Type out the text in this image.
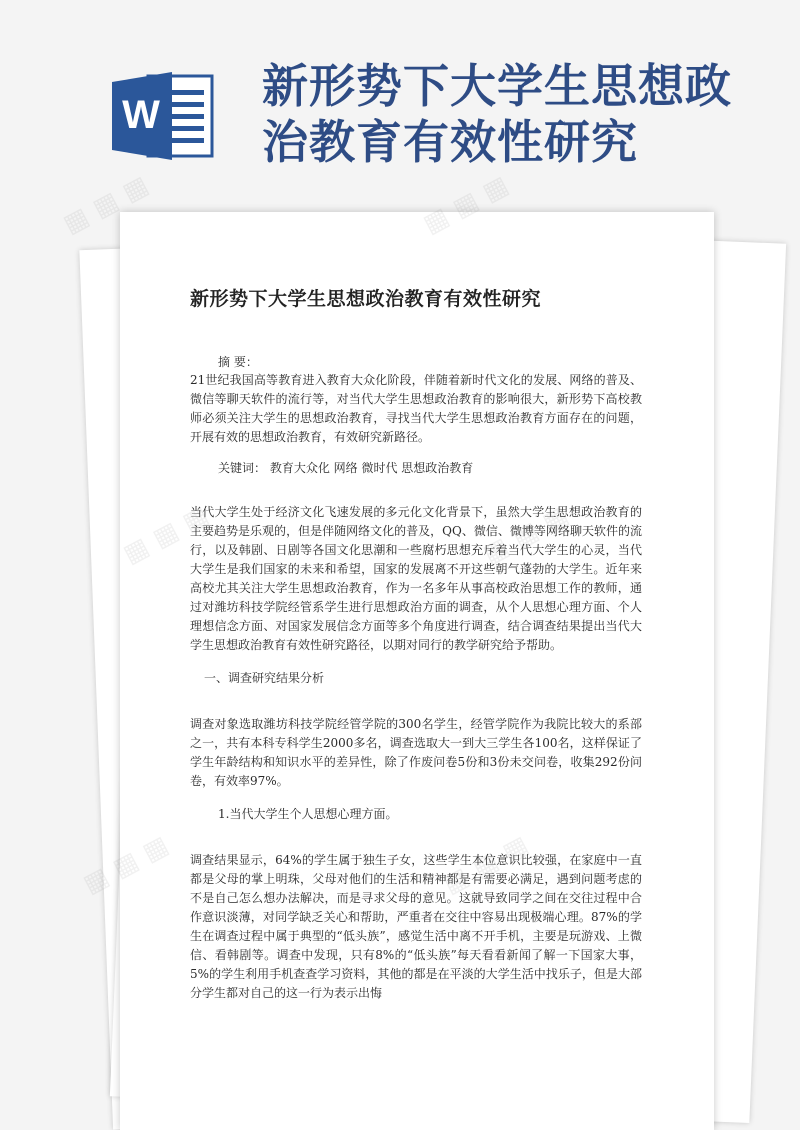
W
新形势下大学生思想政
治教育有效性研究
新形势下大学生思想政治教育有效性研究
摘 要：

21世纪我国高等教育进入教育大众化阶段，伴随着新时代文化的发展、网络的普及、微信等聊天软件的流行等，对当代大学生思想政治教育的影响很大，新形势下高校教师必须关注大学生的思想政治教育，寻找当代大学生思想政治教育方面存在的问题，开展有效的思想政治教育，有效研究新路径。

关键词： 教育大众化 网络 微时代 思想政治教育

当代大学生处于经济文化飞速发展的多元化文化背景下，虽然大学生思想政治教育的主要趋势是乐观的，但是伴随网络文化的普及，QQ、微信、微博等网络聊天软件的流行，以及韩剧、日剧等各国文化思潮和一些腐朽思想充斥着当代大学生的心灵，当代大学生是我们国家的未来和希望，国家的发展离不开这些朝气蓬勃的大学生。近年来高校尤其关注大学生思想政治教育，作为一名多年从事高校政治思想工作的教师，通过对潍坊科技学院经管系学生进行思想政治方面的调查，从个人思想心理方面、个人理想信念方面、对国家发展信念方面等多个角度进行调查，结合调查结果提出当代大学生思想政治教育有效性研究路径，以期对同行的教学研究给予帮助。

一、调查研究结果分析

调查对象选取潍坊科技学院经管学院的300名学生，经管学院作为我院比较大的系部之一，共有本科专科学生2000多名，调查选取大一到大三学生各100名，这样保证了学生年龄结构和知识水平的差异性，除了作废问卷5份和3份未交问卷，收集292份问卷，有效率97%。

1.当代大学生个人思想心理方面。

调查结果显示，64%的学生属于独生子女，这些学生本位意识比较强，在家庭中一直都是父母的掌上明珠，父母对他们的生活和精神都是有需要必满足，遇到问题考虑的不是自己怎么想办法解决，而是寻求父母的意见。这就导致同学之间在交往过程中合作意识淡薄，对同学缺乏关心和帮助，严重者在交往中容易出现极端心理。87%的学生在调查过程中属于典型的“低头族”，感觉生活中离不开手机，主要是玩游戏、上微信、看韩剧等。调查中发现，只有8%的“低头族”每天看看新闻了解一下国家大事，5%的学生利用手机查查学习资料，其他的都是在平淡的大学生活中找乐子，但是大部分学生都对自己的这一行为表示出悔

▦ ▦ ▦	▦ ▦ ▦
▦
